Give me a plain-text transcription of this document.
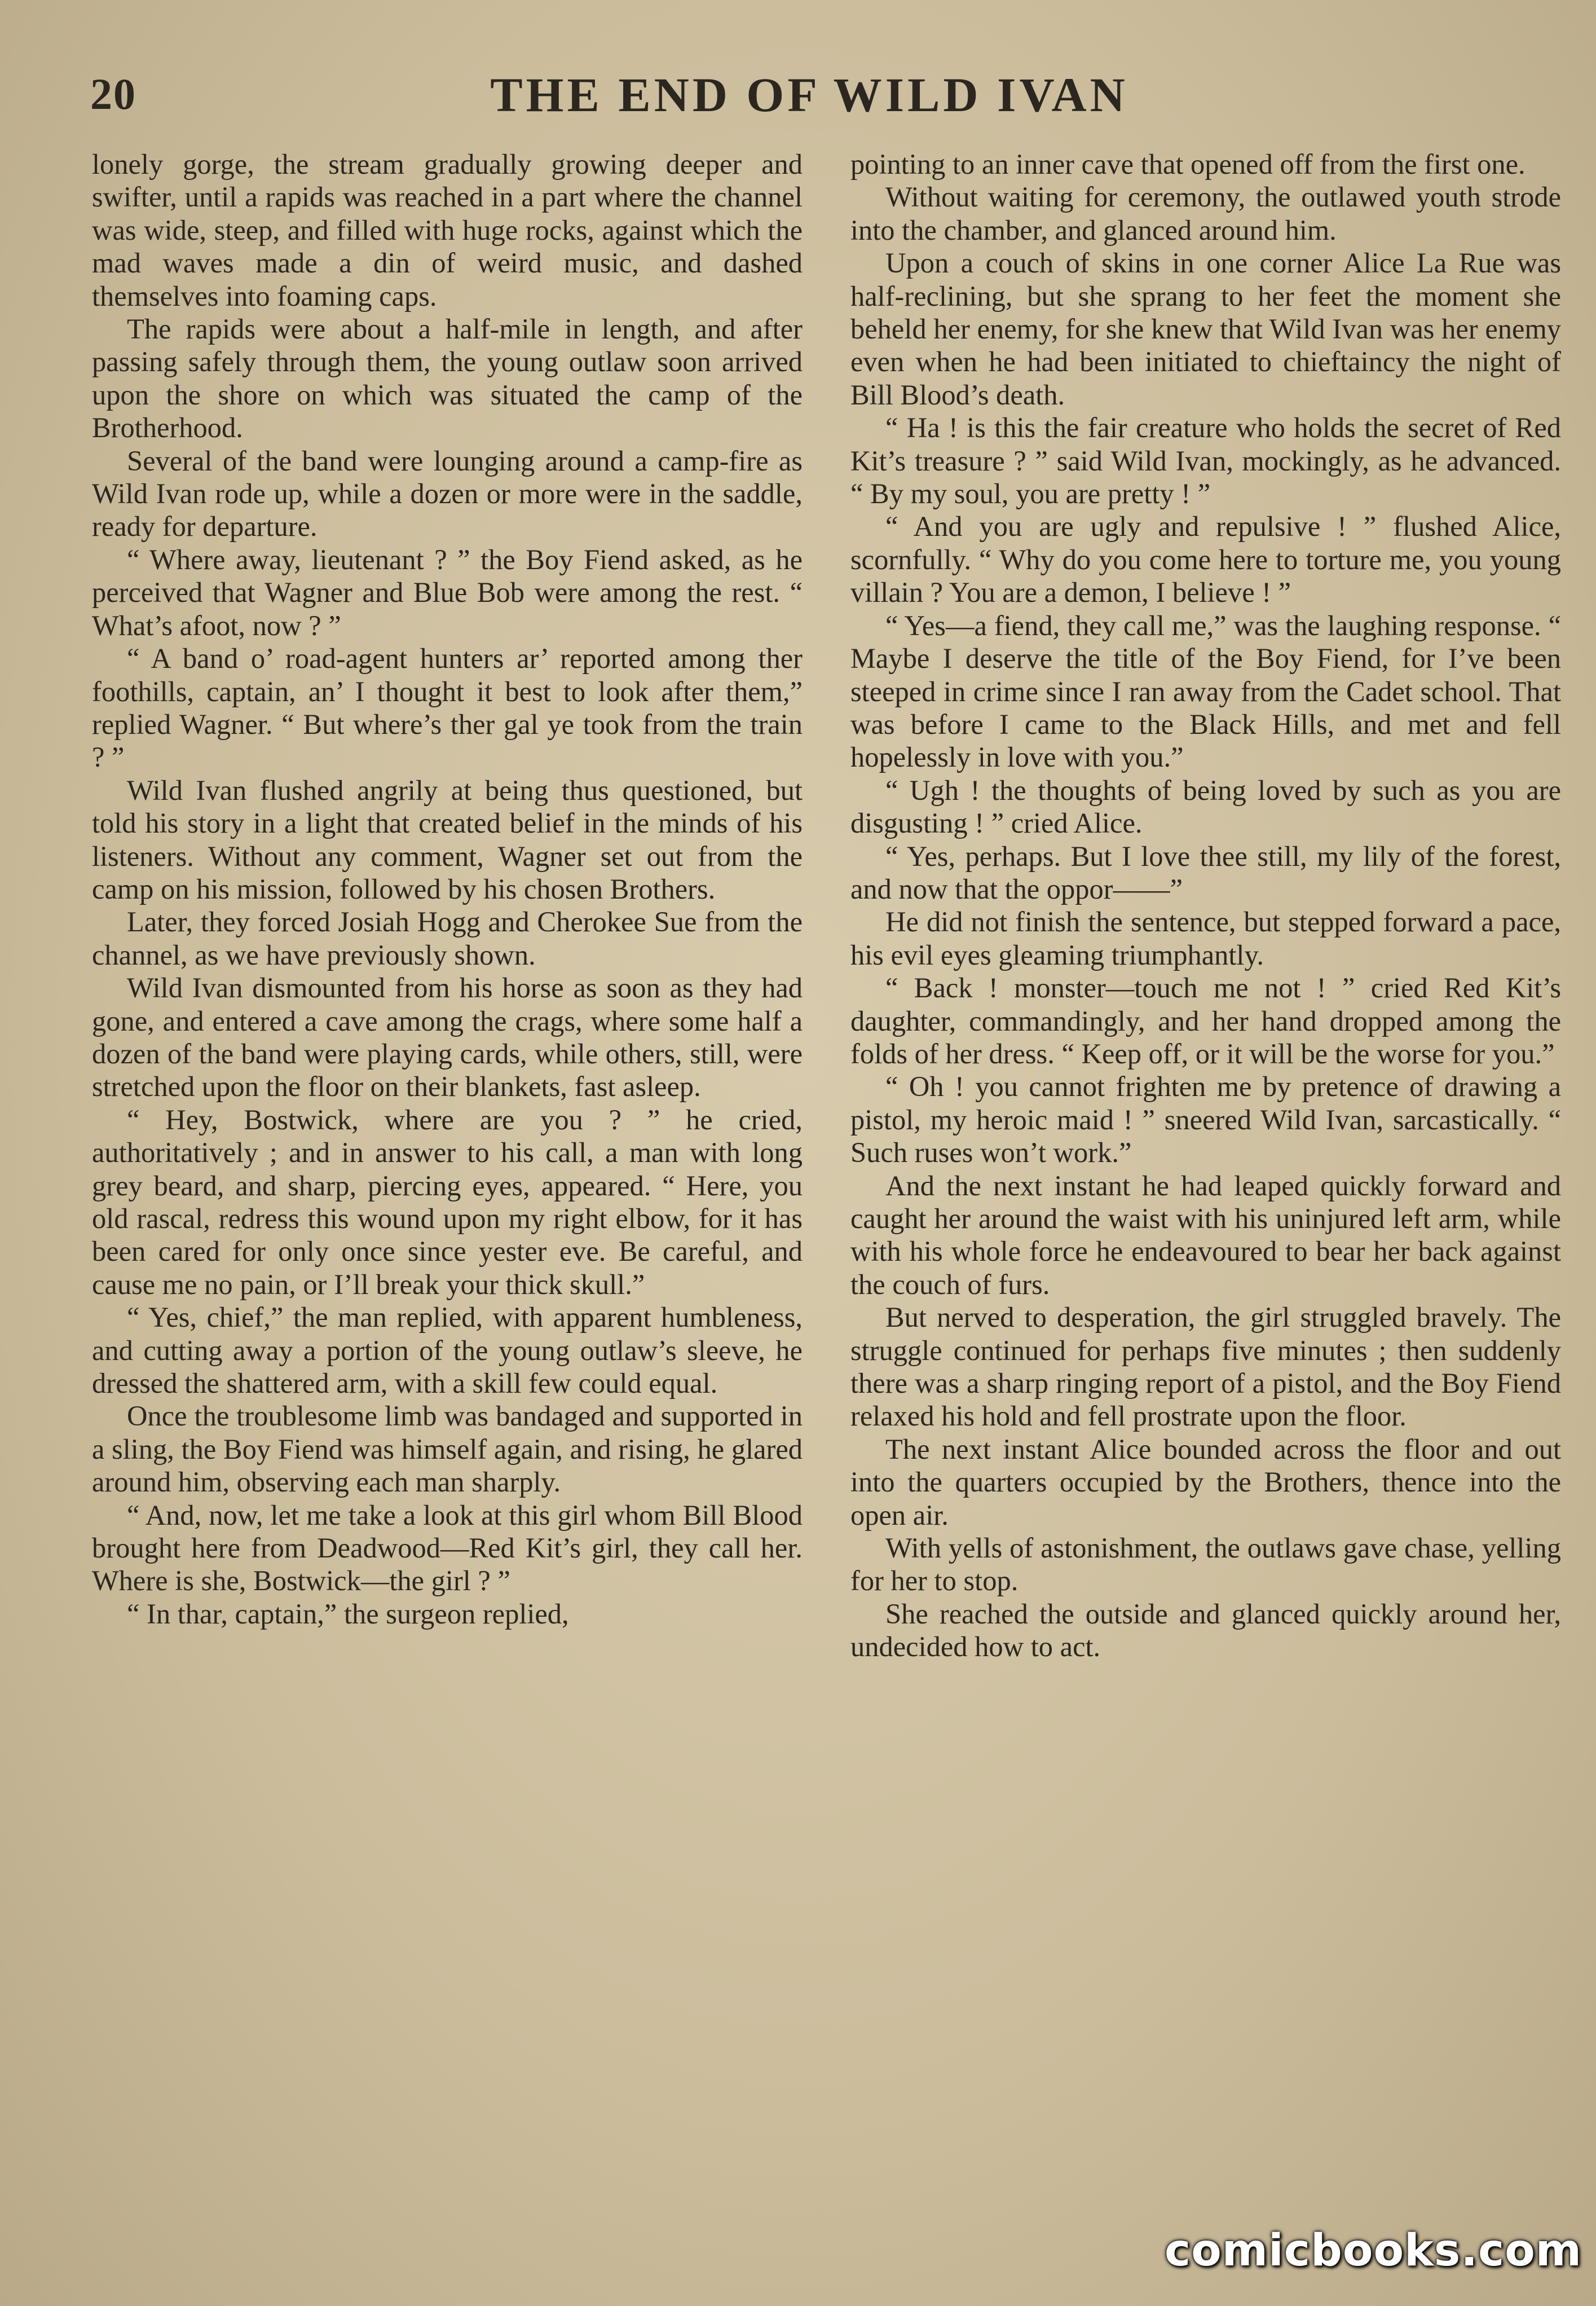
20	THE END OF WILD IVAN

lonely gorge, the stream gradually growing deeper and swifter, until a rapids was reached in a part where the channel was wide, steep, and filled with huge rocks, against which the mad waves made a din of weird music, and dashed themselves into foaming caps.

The rapids were about a half-mile in length, and after passing safely through them, the young outlaw soon arrived upon the shore on which was situated the camp of the Brotherhood.

Several of the band were lounging around a camp-fire as Wild Ivan rode up, while a dozen or more were in the saddle, ready for departure.

“ Where away, lieutenant ? ” the Boy Fiend asked, as he perceived that Wagner and Blue Bob were among the rest. “ What’s afoot, now ? ”

“ A band o’ road-agent hunters ar’ reported among ther foothills, captain, an’ I thought it best to look after them,” replied Wagner. “ But where’s ther gal ye took from the train ? ”

Wild Ivan flushed angrily at being thus questioned, but told his story in a light that created belief in the minds of his listeners. Without any comment, Wagner set out from the camp on his mission, followed by his chosen Brothers.

Later, they forced Josiah Hogg and Cherokee Sue from the channel, as we have previously shown.

Wild Ivan dismounted from his horse as soon as they had gone, and entered a cave among the crags, where some half a dozen of the band were playing cards, while others, still, were stretched upon the floor on their blankets, fast asleep.

“ Hey, Bostwick, where are you ? ” he cried, authoritatively ; and in answer to his call, a man with long grey beard, and sharp, piercing eyes, appeared. “ Here, you old rascal, redress this wound upon my right elbow, for it has been cared for only once since yester eve. Be careful, and cause me no pain, or I’ll break your thick skull.”

“ Yes, chief,” the man replied, with apparent humbleness, and cutting away a portion of the young outlaw’s sleeve, he dressed the shattered arm, with a skill few could equal.

Once the troublesome limb was bandaged and supported in a sling, the Boy Fiend was himself again, and rising, he glared around him, observing each man sharply.

“ And, now, let me take a look at this girl whom Bill Blood brought here from Deadwood—Red Kit’s girl, they call her. Where is she, Bostwick—the girl ? ”

“ In thar, captain,” the surgeon replied,

pointing to an inner cave that opened off from the first one.

Without waiting for ceremony, the outlawed youth strode into the chamber, and glanced around him.

Upon a couch of skins in one corner Alice La Rue was half-reclining, but she sprang to her feet the moment she beheld her enemy, for she knew that Wild Ivan was her enemy even when he had been initiated to chieftaincy the night of Bill Blood’s death.

“ Ha ! is this the fair creature who holds the secret of Red Kit’s treasure ? ” said Wild Ivan, mockingly, as he advanced. “ By my soul, you are pretty ! ”

“ And you are ugly and repulsive ! ” flushed Alice, scornfully. “ Why do you come here to torture me, you young villain ? You are a demon, I believe ! ”

“ Yes—a fiend, they call me,” was the laughing response. “ Maybe I deserve the title of the Boy Fiend, for I’ve been steeped in crime since I ran away from the Cadet school. That was before I came to the Black Hills, and met and fell hopelessly in love with you.”

“ Ugh ! the thoughts of being loved by such as you are disgusting ! ” cried Alice.

“ Yes, perhaps. But I love thee still, my lily of the forest, and now that the oppor——”

He did not finish the sentence, but stepped forward a pace, his evil eyes gleaming triumphantly.

“ Back ! monster—touch me not ! ” cried Red Kit’s daughter, commandingly, and her hand dropped among the folds of her dress. “ Keep off, or it will be the worse for you.”

“ Oh ! you cannot frighten me by pretence of drawing a pistol, my heroic maid ! ” sneered Wild Ivan, sarcastically. “ Such ruses won’t work.”

And the next instant he had leaped quickly forward and caught her around the waist with his uninjured left arm, while with his whole force he endeavoured to bear her back against the couch of furs.

But nerved to desperation, the girl struggled bravely. The struggle continued for perhaps five minutes ; then suddenly there was a sharp ringing report of a pistol, and the Boy Fiend relaxed his hold and fell prostrate upon the floor.

The next instant Alice bounded across the floor and out into the quarters occupied by the Brothers, thence into the open air.

With yells of astonishment, the outlaws gave chase, yelling for her to stop.

She reached the outside and glanced quickly around her, undecided how to act.

comicbooks.com
